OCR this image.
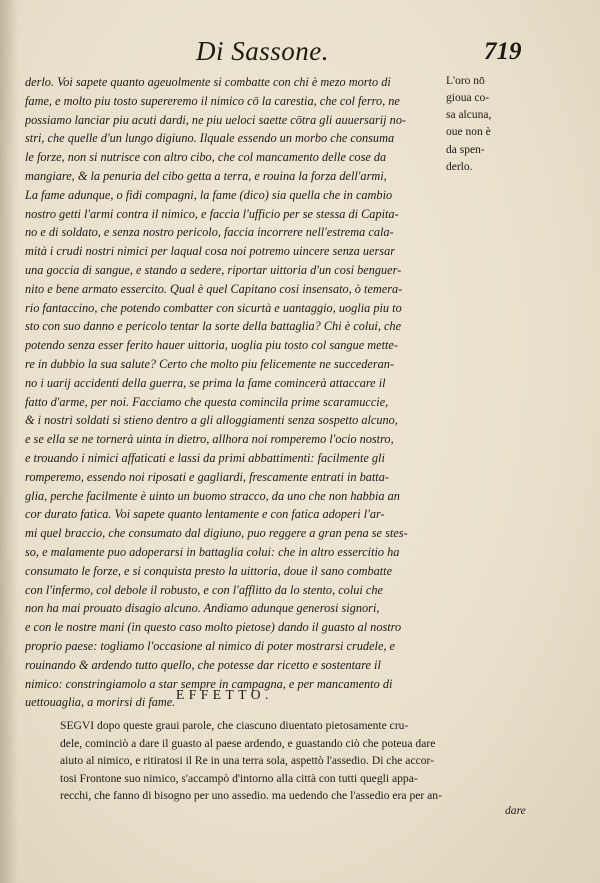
Di Sassone.	719
derlo. Voi sapete quanto ageuolmente si combatte con chi è mezo morto di
fame, e molto piu tosto supereremo il nimico cō la carestia, che col ferro, ne
possiamo lanciar piu acuti dardi, ne piu ueloci saette cōtra gli auuersarij no-
stri, che quelle d'un lungo digiuno. Ilquale essendo un morbo che consuma
le forze, non si nutrisce con altro cibo, che col mancamento delle cose da
mangiare, & la penuria del cibo getta a terra, e rouina la forza dell'armi,
La fame adunque, o fidi compagni, la fame (dico) sia quella che in cambio
nostro getti l'armi contra il nimico, e faccia l'ufficio per se stessa di Capita-
no e di soldato, e senza nostro pericolo, faccia incorrere nell'estrema cala-
mità i crudi nostri nimici per laqual cosa noi potremo uincere senza uersar
una goccia di sangue, e stando a sedere, riportar uittoria d'un cosi benguer-
nito e bene armato essercito. Qual è quel Capitano cosi insensato, ò temera-
rio fantaccino, che potendo combatter con sicurtà e uantaggio, uoglia piu to
sto con suo danno e pericolo tentar la sorte della battaglia? Chi è colui, che
potendo senza esser ferito hauer uittoria, uoglia piu tosto col sangue mette-
re in dubbio la sua salute? Certo che molto piu felicemente ne succederan-
no i uarij accidenti della guerra, se prima la fame comincerà attaccare il
fatto d'arme, per noi. Facciamo che questa comincila prime scaramuccie,
& i nostri soldati si stieno dentro a gli alloggiamenti senza sospetto alcuno,
e se ella se ne tornerà uinta in dietro, allhora noi romperemo l'ocio nostro,
e trouando i nimici affaticati e lassi da primi abbattimenti: facilmente gli
romperemo, essendo noi riposati e gagliardi, frescamente entrati in batta-
glia, perche facilmente è uinto un buomo stracco, da uno che non habbia an
cor durato fatica. Voi sapete quanto lentamente e con fatica adoperi l'ar-
mi quel braccio, che consumato dal digiuno, puo reggere a gran pena se stes-
so, e malamente puo adoperarsi in battaglia colui: che in altro essercitio ha
consumato le forze, e si conquista presto la uittoria, doue il sano combatte
con l'infermo, col debole il robusto, e con l'afflitto da lo stento, colui che
non ha mai prouato disagio alcuno. Andiamo adunque generosi signori,
e con le nostre mani (in questo caso molto pietose) dando il guasto al nostro
proprio paese: togliamo l'occasione al nimico di poter mostrarsi crudele, e
rouinando & ardendo tutto quello, che potesse dar ricetto e sostentare il
nimico: constringiamolo a star sempre in campagna, e per mancamento di
uettouaglia, a morirsi di fame.
L'oro nō
gioua co-
sa alcuna,
oue non è
da spen-
derlo.
EFFETTO.
SEGVI dopo queste graui parole, che ciascuno diuentato pietosamente cru-
dele, cominciò a dare il guasto al paese ardendo, e guastando ciò che poteua dare
aiuto al nimico, e ritiratosi il Re in una terra sola, aspettò l'assedio. Di che accor-
tosi Frontone suo nimico, s'accampò d'intorno alla città con tutti quegli appa-
recchi, che fanno di bisogno per uno assedio. ma uedendo che l'assedio era per an-
dare
